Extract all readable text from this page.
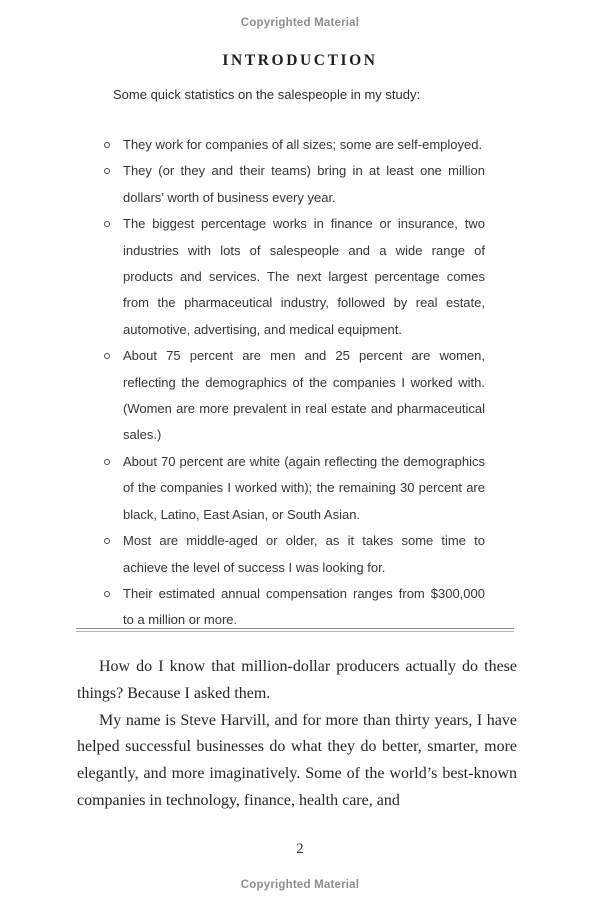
Copyrighted Material
INTRODUCTION
Some quick statistics on the salespeople in my study:
They work for companies of all sizes; some are self-employed.
They (or they and their teams) bring in at least one million dollars’ worth of business every year.
The biggest percentage works in finance or insurance, two industries with lots of salespeople and a wide range of products and services. The next largest percentage comes from the pharmaceutical industry, followed by real estate, automotive, advertising, and medical equipment.
About 75 percent are men and 25 percent are women, reflecting the demographics of the companies I worked with. (Women are more prevalent in real estate and pharmaceutical sales.)
About 70 percent are white (again reflecting the demographics of the companies I worked with); the remaining 30 percent are black, Latino, East Asian, or South Asian.
Most are middle-aged or older, as it takes some time to achieve the level of success I was looking for.
Their estimated annual compensation ranges from $300,000 to a million or more.

How do I know that million-dollar producers actually do these things? Because I asked them.

My name is Steve Harvill, and for more than thirty years, I have helped successful businesses do what they do better, smarter, more elegantly, and more imaginatively. Some of the world’s best-known companies in technology, finance, health care, and

2
Copyrighted Material
